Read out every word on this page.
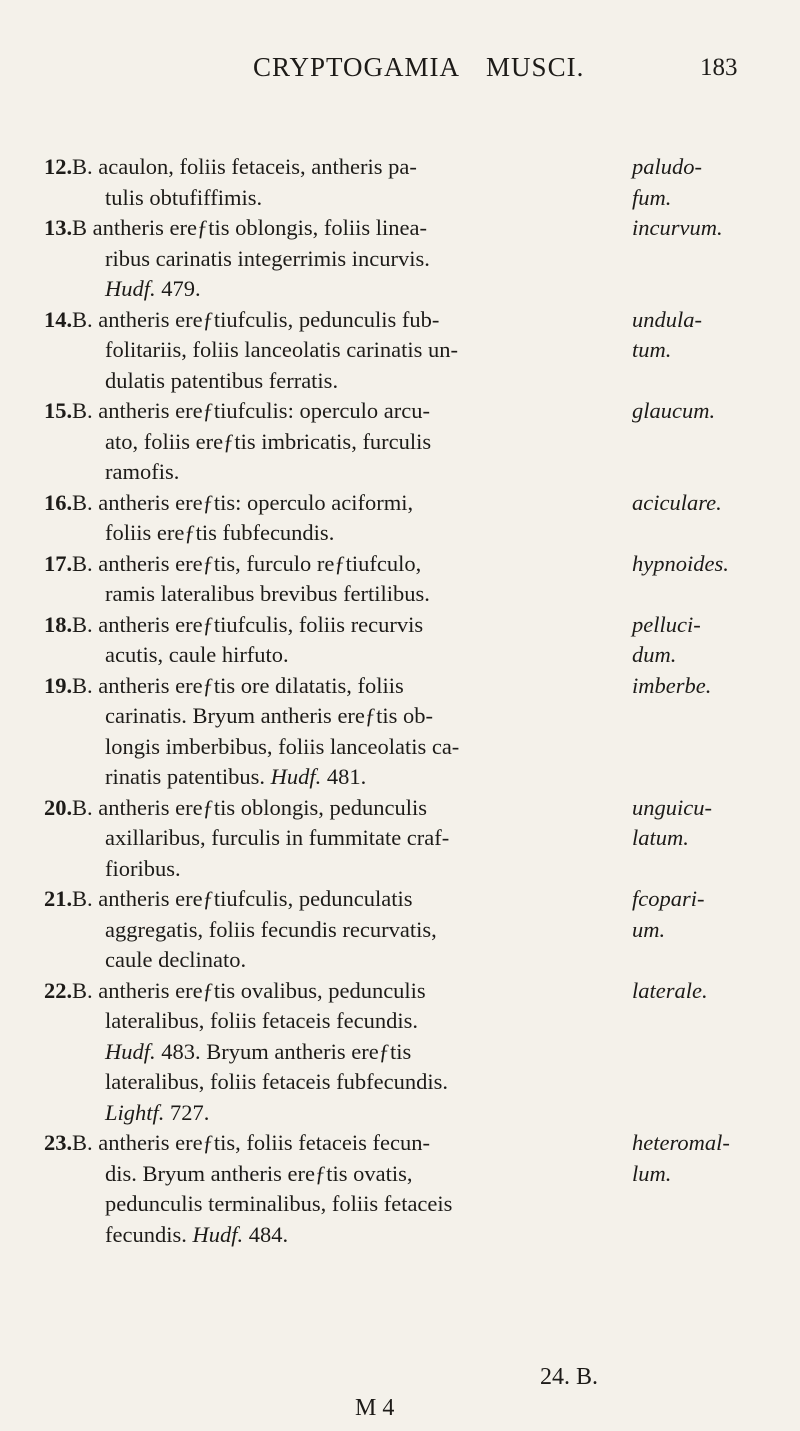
CRYPTOGAMIA MUSCI.	183
12. B. acaulon, foliis fetaceis, antheris pa-	paludo-
tulis obtufiffimis.	fum.
13. B antheris ereƒtis oblongis, foliis linea-	incurvum.
ribus carinatis integerrimis incurvis.
Hudf. 479.
14. B. antheris ereƒtiufculis, pedunculis fub-	undula-
folitariis, foliis lanceolatis carinatis un-	tum.
dulatis patentibus ferratis.
15. B. antheris ereƒtiufculis: operculo arcu-	glaucum.
ato, foliis ereƒtis imbricatis, furculis
ramofis.
16. B. antheris ereƒtis: operculo aciformi,	aciculare.
foliis ereƒtis fubfecundis.
17. B. antheris ereƒtis, furculo reƒtiufculo,	hypnoides.
ramis lateralibus brevibus fertilibus.
18. B. antheris ereƒtiufculis, foliis recurvis	pelluci-
acutis, caule hirfuto.	dum.
19. B. antheris ereƒtis ore dilatatis, foliis	imberbe.
carinatis. Bryum antheris ereƒtis ob-
longis imberbibus, foliis lanceolatis ca-
rinatis patentibus. Hudf. 481.
20. B. antheris ereƒtis oblongis, pedunculis	unguicu-
axillaribus, furculis in fummitate craf-	latum.
fioribus.
21. B. antheris ereƒtiufculis, pedunculatis	fcopari-
aggregatis, foliis fecundis recurvatis,	um.
caule declinato.
22. B. antheris ereƒtis ovalibus, pedunculis	laterale.
lateralibus, foliis fetaceis fecundis.
Hudf. 483. Bryum antheris ereƒtis
lateralibus, foliis fetaceis fubfecundis.
Lightf. 727.
23. B. antheris ereƒtis, foliis fetaceis fecun-	heteromal-
dis. Bryum antheris ereƒtis ovatis,	lum.
pedunculis terminalibus, foliis fetaceis
fecundis. Hudf. 484.
24. B.
M 4
